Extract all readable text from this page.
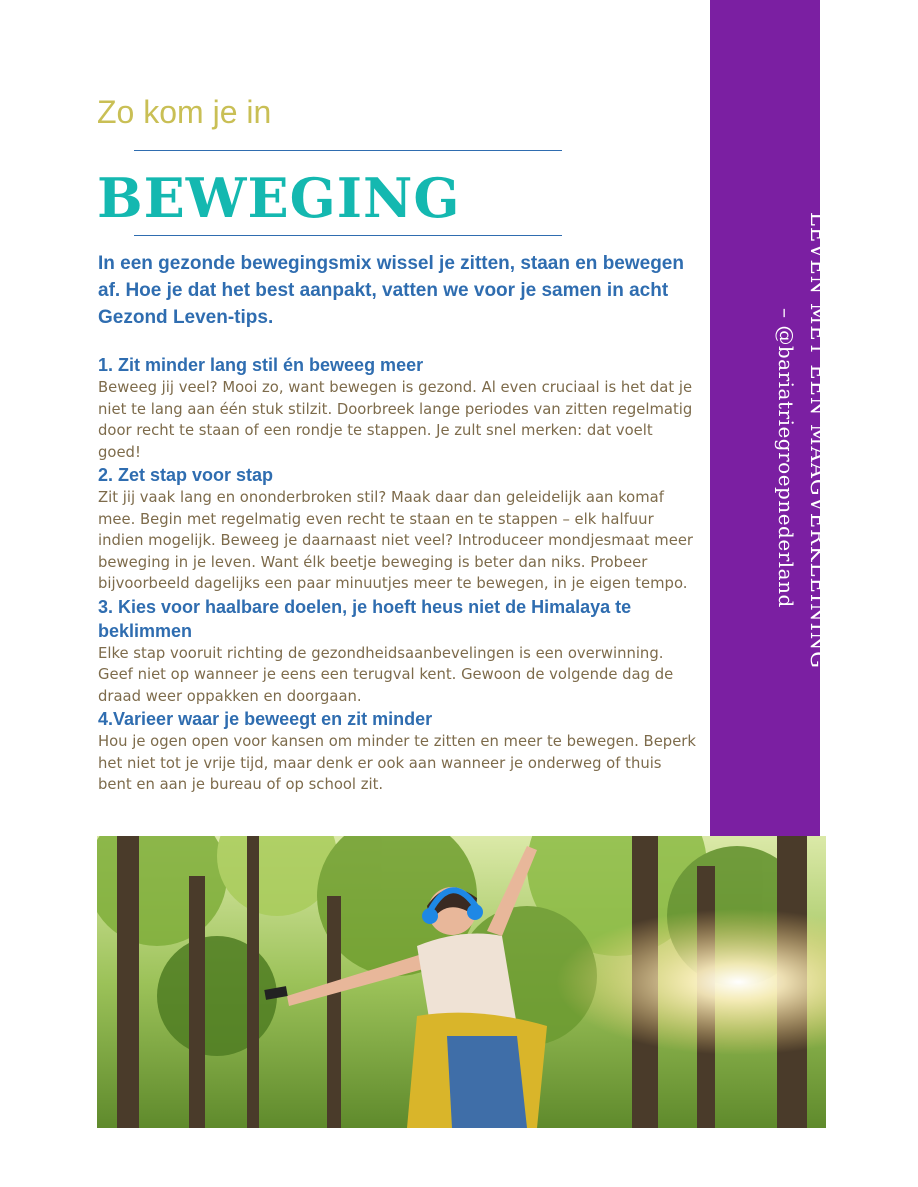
LEVEN MET EEN MAAGVERKLEINING
– @bariatriegroepnederland
Zo kom je in
BEWEGING

In een gezonde bewegingsmix wissel je zitten, staan en bewegen af. Hoe je dat het best aanpakt, vatten we voor je samen in acht Gezond Leven-tips.

1. Zit minder lang stil én beweeg meer

Beweeg jij veel? Mooi zo, want bewegen is gezond. Al even cruciaal is het dat je niet te lang aan één stuk stilzit. Doorbreek lange periodes van zitten regelmatig door recht te staan of een rondje te stappen. Je zult snel merken: dat voelt goed!

2. Zet stap voor stap

Zit jij vaak lang en ononderbroken stil? Maak daar dan geleidelijk aan komaf mee. Begin met regelmatig even recht te staan en te stappen – elk halfuur indien mogelijk. Beweeg je daarnaast niet veel? Introduceer mondjesmaat meer beweging in je leven. Want élk beetje beweging is beter dan niks. Probeer bijvoorbeeld dagelijks een paar minuutjes meer te bewegen, in je eigen tempo.

3. Kies voor haalbare doelen, je hoeft heus niet de Himalaya te beklimmen

Elke stap vooruit richting de gezondheidsaanbevelingen is een overwinning. Geef niet op wanneer je eens een terugval kent. Gewoon de volgende dag de draad weer oppakken en doorgaan.

4.Varieer waar je beweegt en zit minder

Hou je ogen open voor kansen om minder te zitten en meer te bewegen. Beperk het niet tot je vrije tijd, maar denk er ook aan wanneer je onderweg of thuis bent en aan je bureau of op school zit.
